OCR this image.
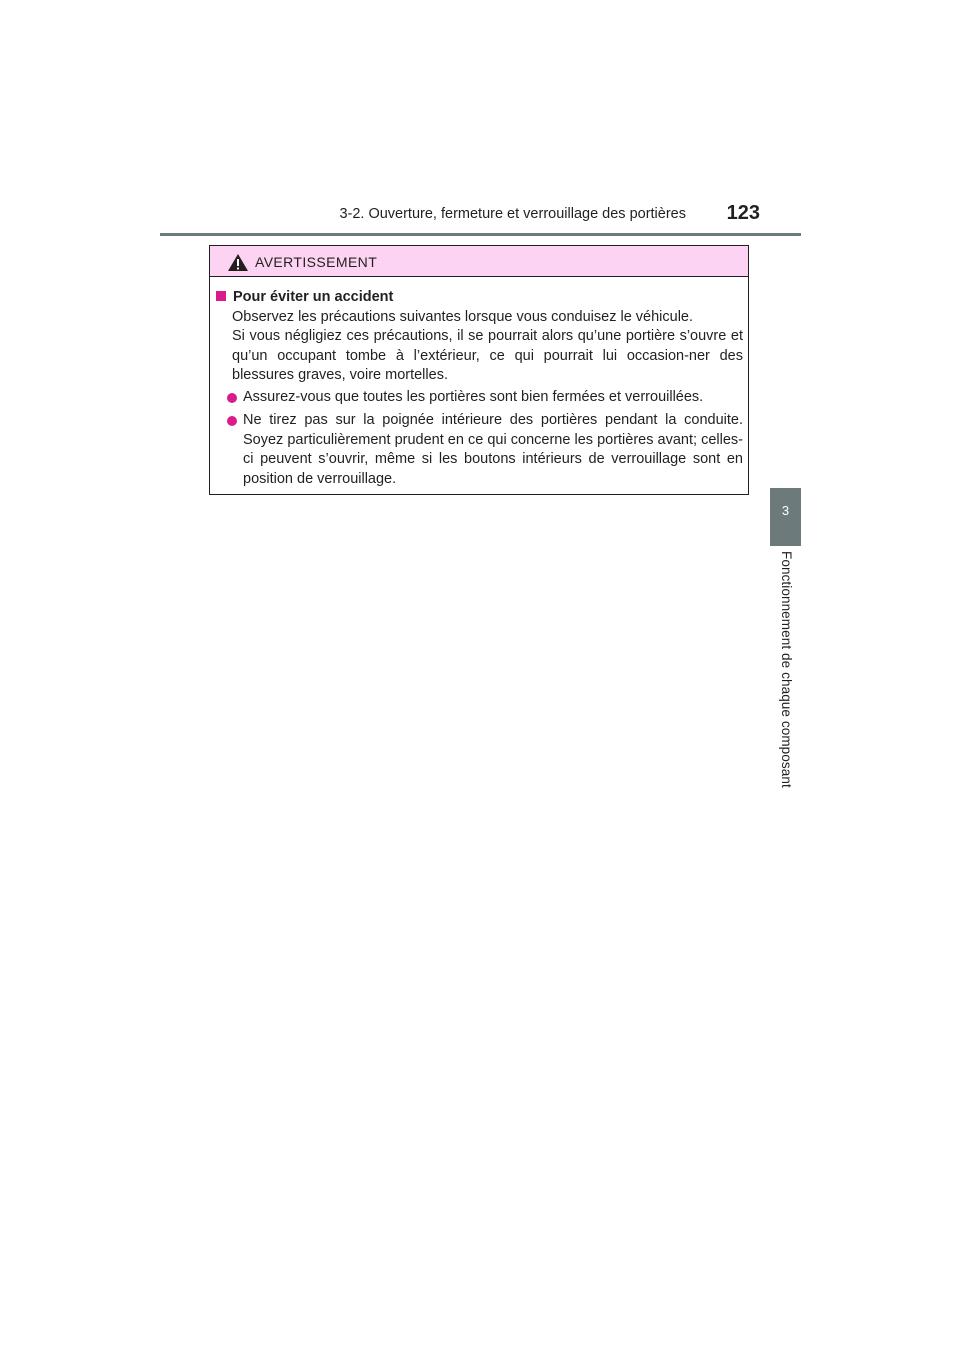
3-2. Ouverture, fermeture et verrouillage des portières	123
3
Fonctionnement de chaque composant
AVERTISSEMENT
Pour éviter un accident
Observez les précautions suivantes lorsque vous conduisez le véhicule.
Si vous négligiez ces précautions, il se pourrait alors qu’une portière s’ouvre et qu’un occupant tombe à l’extérieur, ce qui pourrait lui occasion-ner des blessures graves, voire mortelles.
Assurez-vous que toutes les portières sont bien fermées et verrouillées.
Ne tirez pas sur la poignée intérieure des portières pendant la conduite. Soyez particulièrement prudent en ce qui concerne les portières avant; celles-ci peuvent s’ouvrir, même si les boutons intérieurs de verrouillage sont en position de verrouillage.
